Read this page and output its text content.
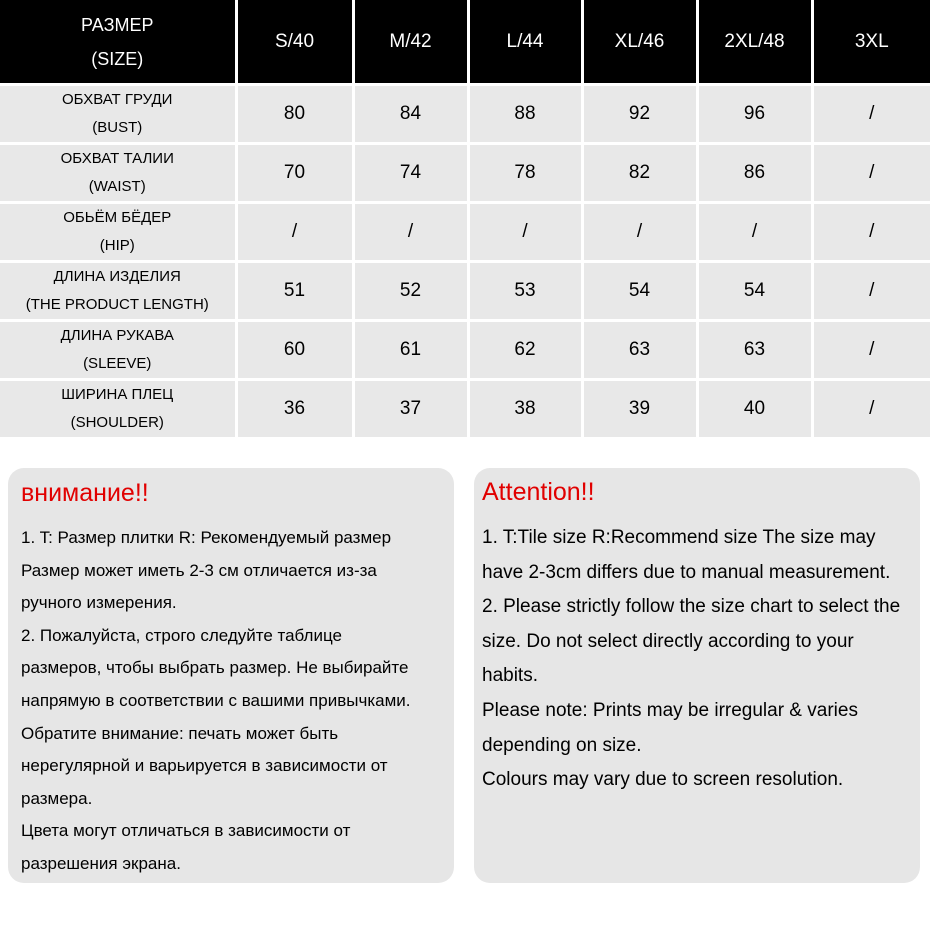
РАЗМЕР
(SIZE)	S/40	M/42	L/44	XL/46	2XL/48	3XL

ОБХВАТ ГРУДИ
(BUST)	80	84	88	92	96	/

ОБХВАТ ТАЛИИ
(WAIST)	70	74	78	82	86	/

ОБЬЁМ БЁДЕР
(HIP)	/	/	/	/	/	/

ДЛИНА ИЗДЕЛИЯ
(THE PRODUCT LENGTH)	51	52	53	54	54	/

ДЛИНА РУКАВА
(SLEEVE)	60	61	62	63	63	/

ШИРИНА ПЛЕЦ
(SHOULDER)	36	37	38	39	40	/
внимание!!
1. T: Размер плитки R: Рекомендуемый размер
Размер может иметь 2-3 см отличается из-за
ручного измерения.
2. Пожалуйста, строго следуйте таблице
размеров, чтобы выбрать размер. Не выбирайте
напрямую в соответствии с вашими привычками.
Обратите внимание: печать может быть
нерегулярной и варьируется в зависимости от
размера.
Цвета могут отличаться в зависимости от
разрешения экрана.
Attention!!
1. T:Tile size R:Recommend size The size may
have 2-3cm differs due to manual measurement.
2. Please strictly follow the size chart to select the
size. Do not select directly according to your
habits.
Please note: Prints may be irregular & varies
depending on size.
Colours may vary due to screen resolution.
